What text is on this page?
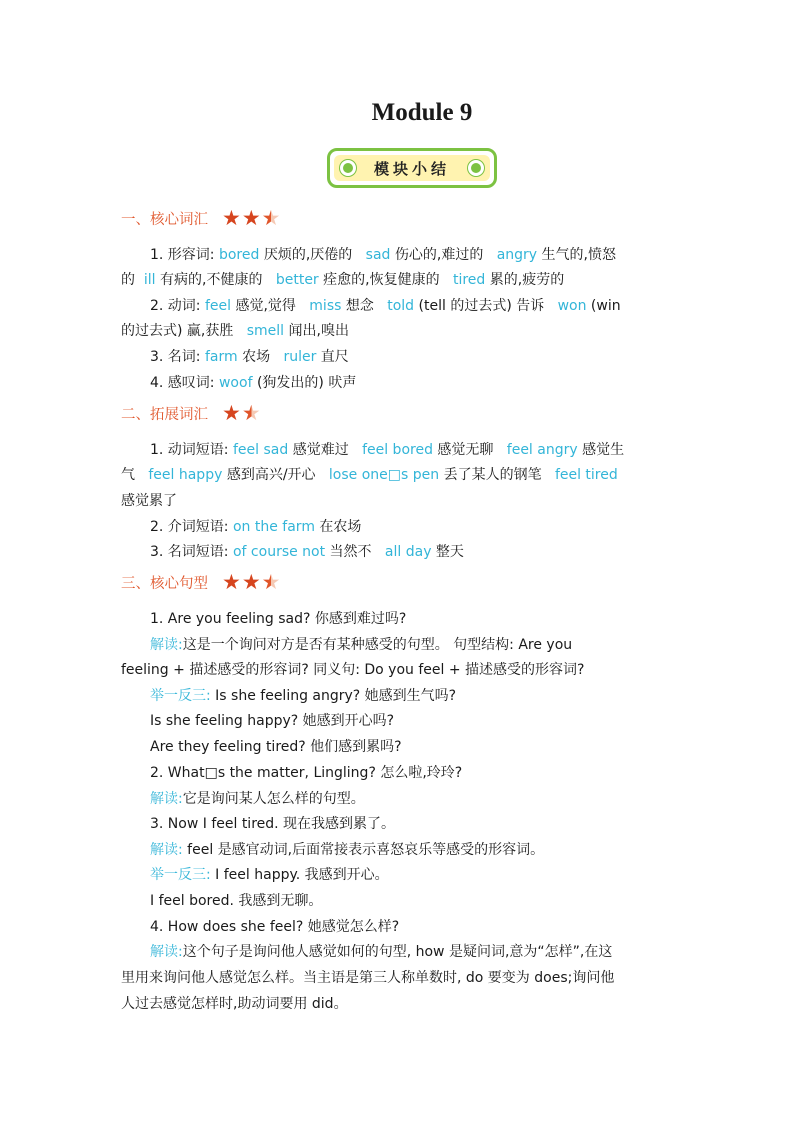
Module 9
模块小结
一、核心词汇 ★ ★ ★
1. 形容词: bored 厌烦的,厌倦的   sad 伤心的,难过的   angry 生气的,愤怒
的  ill 有病的,不健康的   better 痊愈的,恢复健康的   tired 累的,疲劳的
2. 动词: feel 感觉,觉得   miss 想念   told (tell 的过去式) 告诉   won (win
的过去式) 赢,获胜   smell 闻出,嗅出
3. 名词: farm 农场   ruler 直尺
4. 感叹词: woof (狗发出的) 吠声
二、拓展词汇 ★ ★
1. 动词短语: feel sad 感觉难过   feel bored 感觉无聊   feel angry 感觉生
气   feel happy 感到高兴/开心   lose one□s pen 丢了某人的钢笔   feel tired
感觉累了
2. 介词短语: on the farm 在农场
3. 名词短语: of course not 当然不   all day 整天
三、核心句型 ★ ★ ★
1. Are you feeling sad? 你感到难过吗?
解读:这是一个询问对方是否有某种感受的句型。 句型结构: Are you
feeling + 描述感受的形容词? 同义句: Do you feel + 描述感受的形容词?
举一反三: Is she feeling angry? 她感到生气吗?
Is she feeling happy? 她感到开心吗?
Are they feeling tired? 他们感到累吗?
2. What□s the matter, Lingling? 怎么啦,玲玲?
解读:它是询问某人怎么样的句型。
3. Now I feel tired. 现在我感到累了。
解读: feel 是感官动词,后面常接表示喜怒哀乐等感受的形容词。
举一反三: I feel happy. 我感到开心。
I feel bored. 我感到无聊。
4. How does she feel? 她感觉怎么样?
解读:这个句子是询问他人感觉如何的句型, how 是疑问词,意为“怎样”,在这
里用来询问他人感觉怎么样。当主语是第三人称单数时, do 要变为 does;询问他
人过去感觉怎样时,助动词要用 did。
